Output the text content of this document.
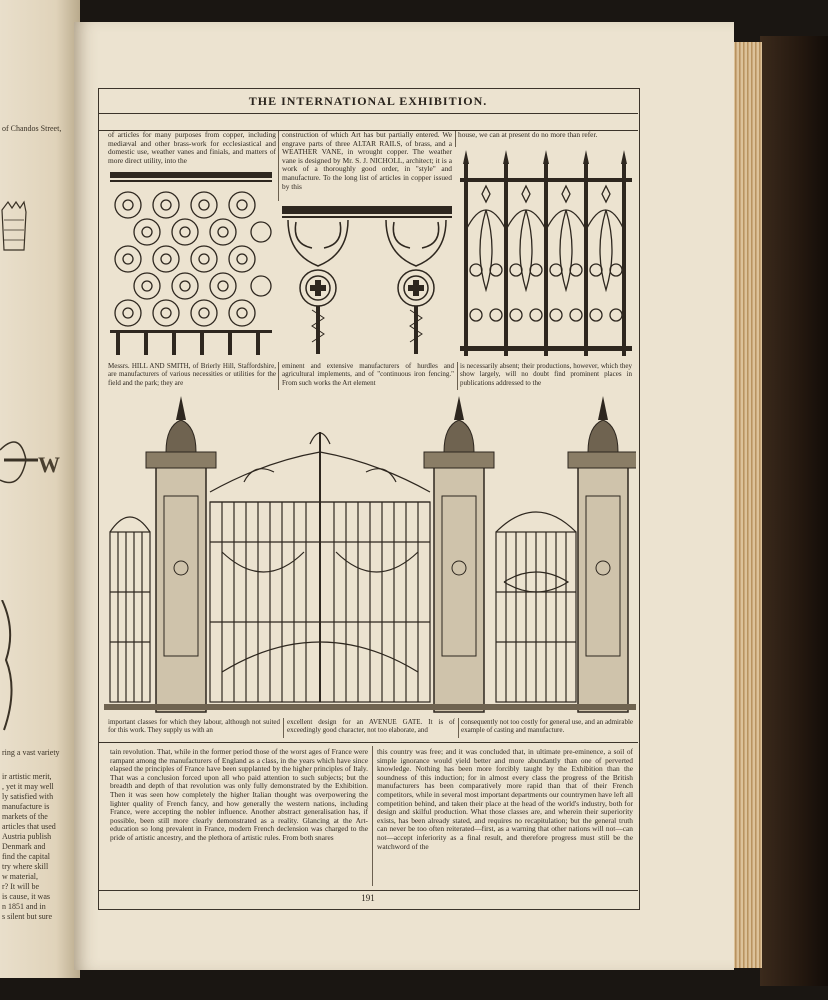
of Chandos Street,
W
ring a vast variety
ir artistic merit,
, yet it may well
ly satisfied with
manufacture is
markets of the
articles that used
Austria publish
Denmark and
find the capital
try where skill
w material,
r? It will be
is cause, it was
n 1851 and in
s silent but sure
THE INTERNATIONAL EXHIBITION.
of articles for many purposes from copper, including mediæval and other brass-work for ecclesiastical and domestic use, weather vanes and finials, and matters of more direct utility, into the
construction of which Art has but partially entered. We engrave parts of three ALTAR RAILS, of brass, and a WEATHER VANE, in wrought copper. The weather vane is designed by Mr. S. J. NICHOLL, architect; it is a work of a thoroughly good order, in "style" and manufacture. To the long list of articles in copper issued by this
house, we can at present do no more than refer.
Messrs. HILL AND SMITH, of Brierly Hill, Staffordshire, are manufacturers of various necessities or utilities for the field and the park; they are
eminent and extensive manufacturers of hurdles and agricultural implements, and of "continuous iron fencing." From such works the Art element
is necessarily absent; their productions, however, which they show largely, will no doubt find prominent places in publications addressed to the
important classes for which they labour, although not suited for this work. They supply us with an
excellent design for an AVENUE GATE. It is of exceedingly good character, not too elaborate, and
consequently not too costly for general use, and an admirable example of casting and manufacture.
tain revolution. That, while in the former period those of the worst ages of France were rampant among the manufacturers of England as a class, in the years which have since elapsed the principles of France have been supplanted by the higher principles of Italy. That was a conclusion forced upon all who paid attention to such subjects; but the breadth and depth of that revolution was only fully demonstrated by the Exhibition. Then it was seen how completely the higher Italian thought was overpowering the lighter quality of French fancy, and how generally the western nations, including France, were accepting the nobler influence. Another abstract generalisation has, if possible, been still more clearly demonstrated as a reality. Glancing at the Art-education so long prevalent in France, modern French declension was charged to the pride of artistic ancestry, and the plethora of artistic rules. From both snares
this country was free; and it was concluded that, in ultimate pre-eminence, a soil of simple ignorance would yield better and more abundantly than one of perverted knowledge. Nothing has been more forcibly taught by the Exhibition than the soundness of this induction; for in almost every class the progress of the British manufacturers has been comparatively more rapid than that of their French competitors, while in several most important departments our countrymen have left all competition behind, and taken their place at the head of the world's industry, both for design and skilful production. What those classes are, and wherein their superiority exists, has been already stated, and requires no recapitulation; but the general truth can never be too often reiterated—first, as a warning that other nations will not—can not—accept inferiority as a final result, and therefore progress must still be the watchword of the
191
